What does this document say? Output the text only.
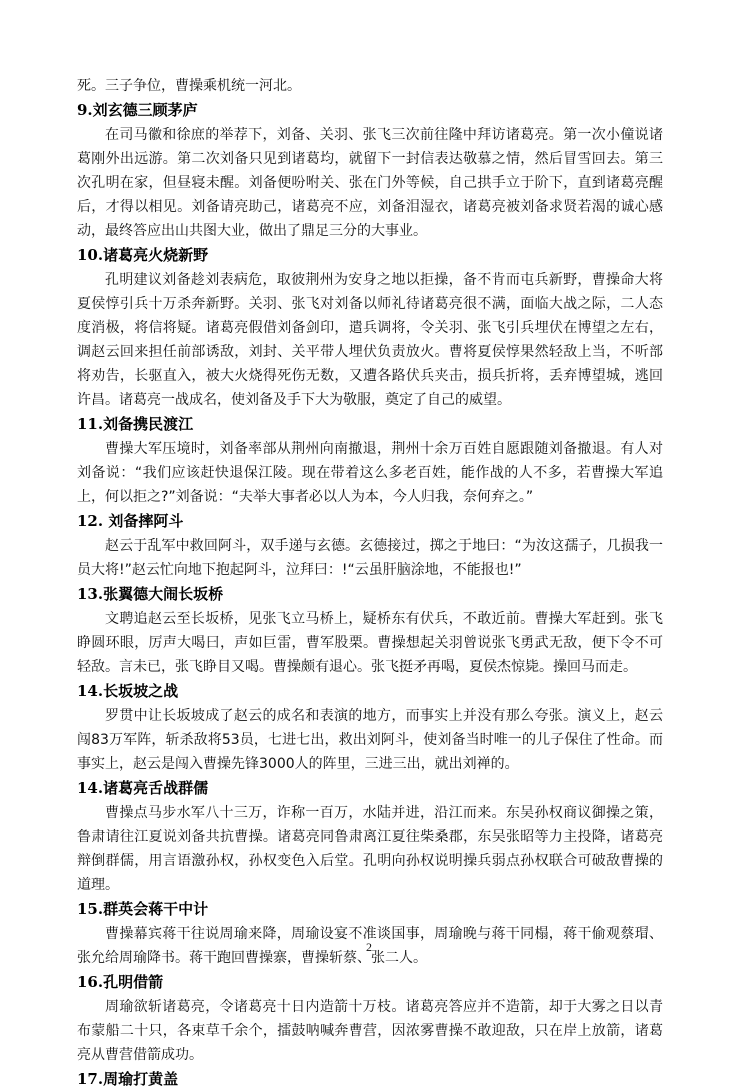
死。三子争位，曹操乘机统一河北。

9.刘玄德三顾茅庐

在司马徽和徐庶的举荐下，刘备、关羽、张飞三次前往隆中拜访诸葛亮。第一次小僮说诸葛刚外出远游。第二次刘备只见到诸葛均，就留下一封信表达敬慕之情，然后冒雪回去。第三次孔明在家，但昼寝未醒。刘备便吩咐关、张在门外等候，自己拱手立于阶下，直到诸葛亮醒后，才得以相见。刘备请亮助己，诸葛亮不应，刘备泪湿衣，诸葛亮被刘备求贤若渴的诚心感动，最终答应出山共图大业，做出了鼎足三分的大事业。

10.诸葛亮火烧新野

孔明建议刘备趁刘表病危，取彼荆州为安身之地以拒操，备不肯而屯兵新野，曹操命大将夏侯惇引兵十万杀奔新野。关羽、张飞对刘备以师礼待诸葛亮很不满，面临大战之际，二人态度消极，将信将疑。诸葛亮假借刘备剑印，遣兵调将，令关羽、张飞引兵埋伏在博望之左右，调赵云回来担任前部诱敌，刘封、关平带人埋伏负责放火。曹将夏侯惇果然轻敌上当，不听部将劝告，长驱直入，被大火烧得死伤无数，又遭各路伏兵夹击，损兵折将，丢弃博望城，逃回许昌。诸葛亮一战成名，使刘备及手下大为敬服，奠定了自己的威望。

11.刘备携民渡江

曹操大军压境时，刘备率部从荆州向南撤退，荆州十余万百姓自愿跟随刘备撤退。有人对刘备说：“我们应该赶快退保江陵。现在带着这么多老百姓，能作战的人不多，若曹操大军追上，何以拒之?”刘备说：“夫举大事者必以人为本，今人归我，奈何弃之。”

12. 刘备摔阿斗

赵云于乱军中救回阿斗，双手递与玄德。玄德接过，掷之于地曰：“为汝这孺子，几损我一员大将!”赵云忙向地下抱起阿斗，泣拜曰：!“云虽肝脑涂地，不能报也!”

13.张翼德大闹长坂桥

文聘追赵云至长坂桥，见张飞立马桥上，疑桥东有伏兵，不敢近前。曹操大军赶到。张飞睁圆环眼，厉声大喝曰，声如巨雷，曹军股栗。曹操想起关羽曾说张飞勇武无敌，便下令不可轻敌。言未已，张飞睁目又喝。曹操颇有退心。张飞挺矛再喝，夏侯杰惊毙。操回马而走。

14.长坂坡之战

罗贯中让长坂坡成了赵云的成名和表演的地方，而事实上并没有那么夸张。演义上，赵云闯83万军阵，斩杀敌将53员，七进七出，救出刘阿斗，使刘备当时唯一的儿子保住了性命。而事实上，赵云是闯入曹操先锋3000人的阵里，三进三出，就出刘禅的。

14.诸葛亮舌战群儒

曹操点马步水军八十三万，诈称一百万，水陆并进，沿江而来。东吴孙权商议御操之策，鲁肃请往江夏说刘备共抗曹操。诸葛亮同鲁肃离江夏往柴桑郡，东吴张昭等力主投降，诸葛亮辩倒群儒，用言语激孙权，孙权变色入后堂。孔明向孙权说明操兵弱点孙权联合可破敌曹操的道理。

15.群英会蒋干中计

曹操幕宾蒋干往说周瑜来降，周瑜设宴不准谈国事，周瑜晚与蒋干同榻，蒋干偷观蔡瑁、张允给周瑜降书。蒋干跑回曹操寨，曹操斩蔡、张二人。

16.孔明借箭

周瑜欲斩诸葛亮，令诸葛亮十日内造箭十万枝。诸葛亮答应并不造箭，却于大雾之日以青布蒙船二十只，各束草千余个，擂鼓呐喊奔曹营，因浓雾曹操不敢迎敌，只在岸上放箭，诸葛亮从曹营借箭成功。

17.周瑜打黄盖
2
